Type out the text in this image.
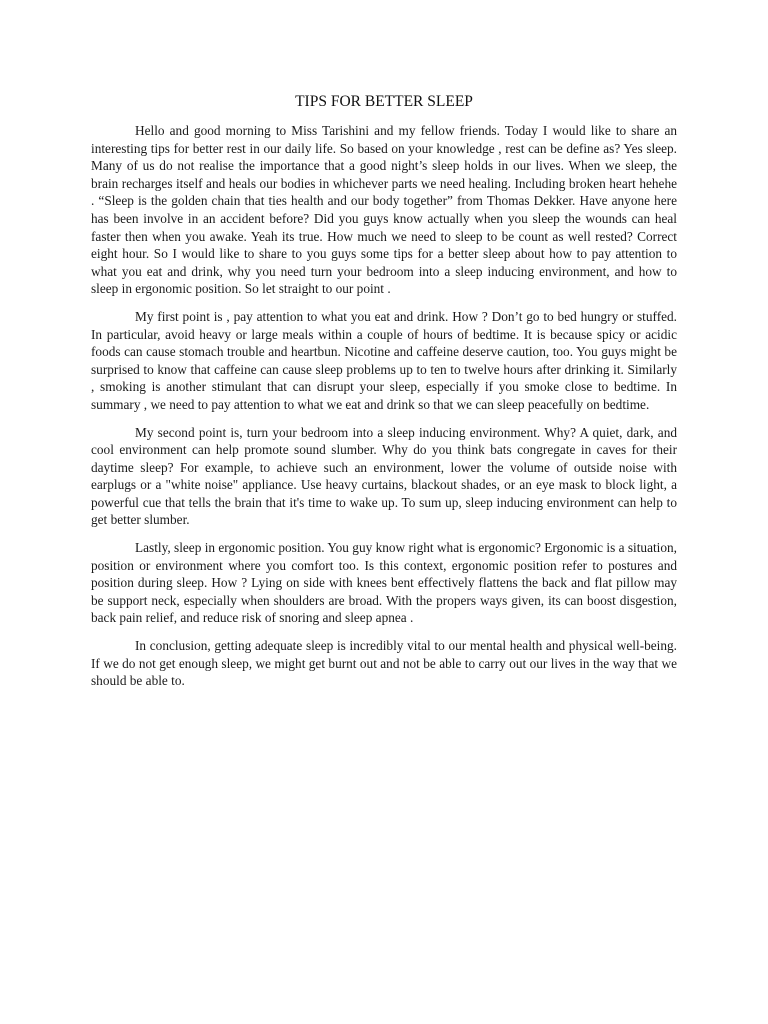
TIPS FOR BETTER SLEEP

Hello and good morning to Miss Tarishini and my fellow friends. Today I would like to share an interesting tips for better rest in our daily life. So based on your knowledge , rest can be define as? Yes sleep. Many of us do not realise the importance that a good night’s sleep holds in our lives. When we sleep, the brain recharges itself and heals our bodies in whichever parts we need healing. Including broken heart hehehe . “Sleep is the golden chain that ties health and our body together” from Thomas Dekker. Have anyone here has been involve in an accident before? Did you guys know actually when you sleep the wounds can heal faster then when you awake. Yeah its true. How much we need to sleep to be count as well rested? Correct eight hour. So I would like to share to you guys some tips for a better sleep about how to pay attention to what you eat and drink, why you need turn your bedroom into a sleep inducing environment, and how to sleep in ergonomic position. So let straight to our point .

My first point is , pay attention to what you eat and drink. How ? Don’t go to bed hungry or stuffed. In particular, avoid heavy or large meals within a couple of hours of bedtime. It is because spicy or acidic foods can cause stomach trouble and heartbun. Nicotine and caffeine deserve caution, too. You guys might be surprised to know that caffeine can cause sleep problems up to ten to twelve hours after drinking it. Similarly , smoking is another stimulant that can disrupt your sleep, especially if you smoke close to bedtime. In summary , we need to pay attention to what we eat and drink so that we can sleep peacefully on bedtime.

My second point is, turn your bedroom into a sleep inducing environment. Why? A quiet, dark, and cool environment can help promote sound slumber. Why do you think bats congregate in caves for their daytime sleep? For example, to achieve such an environment, lower the volume of outside noise with earplugs or a "white noise" appliance. Use heavy curtains, blackout shades, or an eye mask to block light, a powerful cue that tells the brain that it's time to wake up. To sum up, sleep inducing environment can help to get better slumber.

Lastly, sleep in ergonomic position. You guy know right what is ergonomic? Ergonomic is a situation, position or environment where you comfort too. Is this context, ergonomic position refer to postures and position during sleep. How ? Lying on side with knees bent effectively flattens the back and flat pillow may be support neck, especially when shoulders are broad. With the propers ways given, its can boost disgestion, back pain relief, and reduce risk of snoring and sleep apnea .

In conclusion, getting adequate sleep is incredibly vital to our mental health and physical well-being. If we do not get enough sleep, we might get burnt out and not be able to carry out our lives in the way that we should be able to.
